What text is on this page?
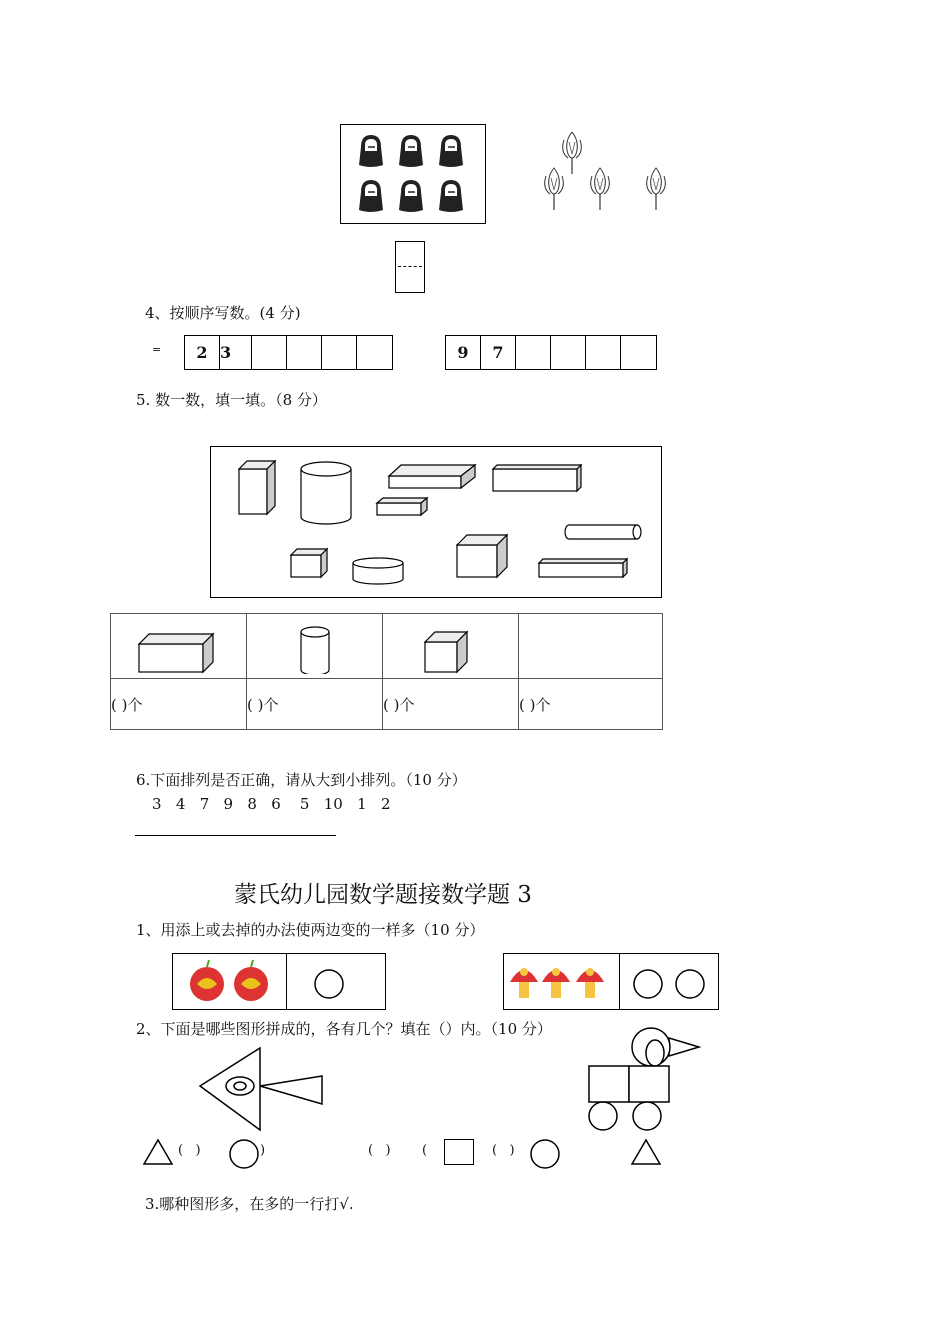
4、按顺序写数。(4 分)
=	2 3	9	7
5. 数一数，填一填。（8 分）

( )个	( )个	( )个	( )个
6.下面排列是否正确，请从大到小排列。（10 分）
3   4   7   9   8   6    5   10   1   2
蒙氏幼儿园数学题接数学题 3
1、用添上或去掉的办法使两边变的一样多（10 分）
2、下面是哪些图形拼成的，各有几个？填在（）内。（10 分）
(   )	)	(   ) (	(   )
3.哪种图形多，在多的一行打√.
